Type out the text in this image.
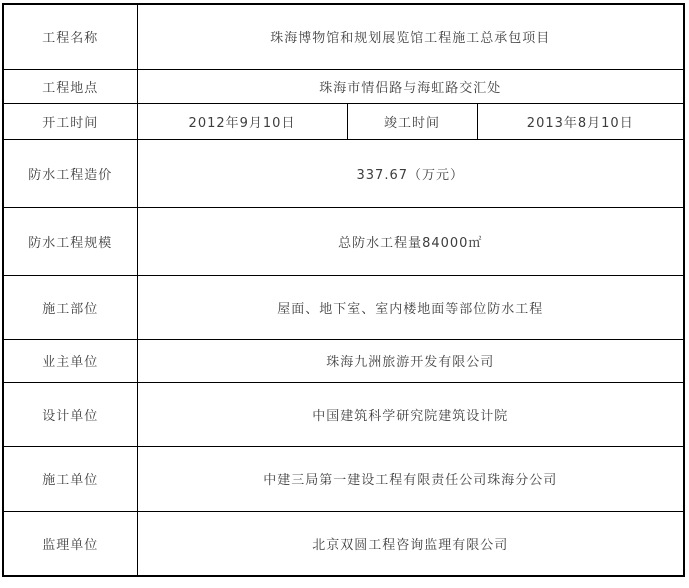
工程名称	珠海博物馆和规划展览馆工程施工总承包项目		
工程地点	珠海市情侣路与海虹路交汇处		
开工时间	2012年9月10日	竣工时间	2013年8月10日
防水工程造价	337.67（万元）		
防水工程规模	总防水工程量84000㎡		
施工部位	屋面、地下室、室内楼地面等部位防水工程		
业主单位	珠海九洲旅游开发有限公司		
设计单位	中国建筑科学研究院建筑设计院		
施工单位	中建三局第一建设工程有限责任公司珠海分公司		
监理单位	北京双圆工程咨询监理有限公司		
